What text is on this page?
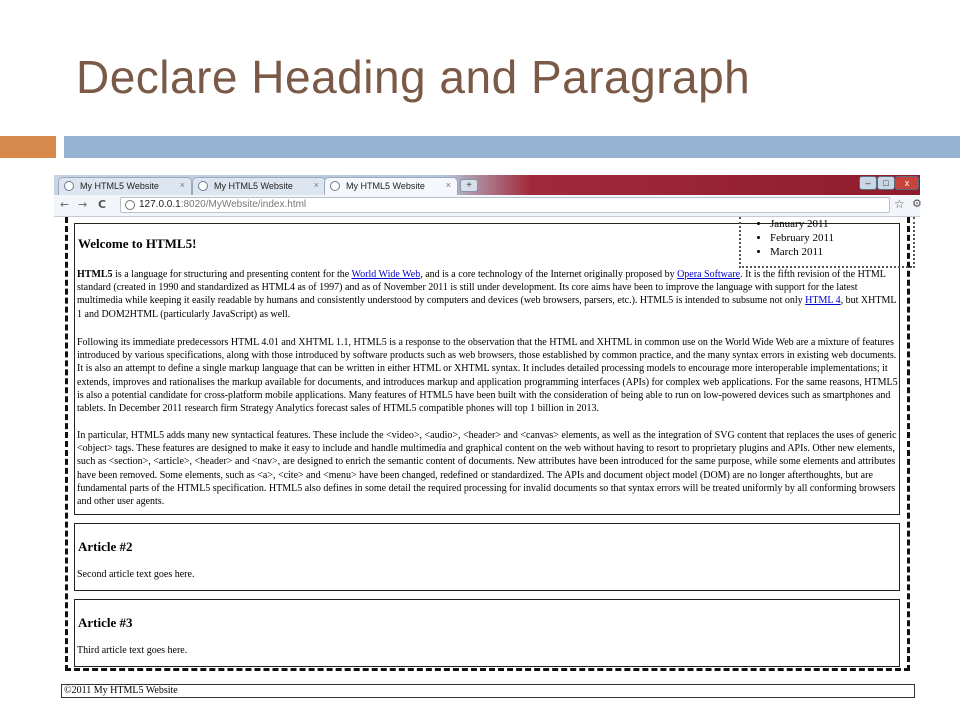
Declare Heading and Paragraph
My HTML5 Website ×	My HTML5 Website ×	My HTML5 Website ×	+	–	□	x
← → C	127.0.0.1:8020/MyWebsite/index.html	☆ ⚙
Welcome to HTML5!

HTML5 is a language for structuring and presenting content for the World Wide Web, and is a core technology of the Internet originally proposed by Opera Software. It is the fifth revision of the HTML standard (created in 1990 and standardized as HTML4 as of 1997) and as of November 2011 is still under development. Its core aims have been to improve the language with support for the latest multimedia while keeping it easily readable by humans and consistently understood by computers and devices (web browsers, parsers, etc.). HTML5 is intended to subsume not only HTML 4, but XHTML 1 and DOM2HTML (particularly JavaScript) as well.

Following its immediate predecessors HTML 4.01 and XHTML 1.1, HTML5 is a response to the observation that the HTML and XHTML in common use on the World Wide Web are a mixture of features introduced by various specifications, along with those introduced by software products such as web browsers, those established by common practice, and the many syntax errors in existing web documents. It is also an attempt to define a single markup language that can be written in either HTML or XHTML syntax. It includes detailed processing models to encourage more interoperable implementations; it extends, improves and rationalises the markup available for documents, and introduces markup and application programming interfaces (APIs) for complex web applications. For the same reasons, HTML5 is also a potential candidate for cross-platform mobile applications. Many features of HTML5 have been built with the consideration of being able to run on low-powered devices such as smartphones and tablets. In December 2011 research firm Strategy Analytics forecast sales of HTML5 compatible phones will top 1 billion in 2013.

In particular, HTML5 adds many new syntactical features. These include the <video>, <audio>, <header> and <canvas> elements, as well as the integration of SVG content that replaces the uses of generic <object> tags. These features are designed to make it easy to include and handle multimedia and graphical content on the web without having to resort to proprietary plugins and APIs. Other new elements, such as <section>, <article>, <header> and <nav>, are designed to enrich the semantic content of documents. New attributes have been introduced for the same purpose, while some elements and attributes have been removed. Some elements, such as <a>, <cite> and <menu> have been changed, redefined or standardized. The APIs and document object model (DOM) are no longer afterthoughts, but are fundamental parts of the HTML5 specification. HTML5 also defines in some detail the required processing for invalid documents so that syntax errors will be treated uniformly by all conforming browsers and other user agents.

• January 2011
• February 2011
• March 2011
Article #2

Second article text goes here.

Article #3

Third article text goes here.

©2011 My HTML5 Website
